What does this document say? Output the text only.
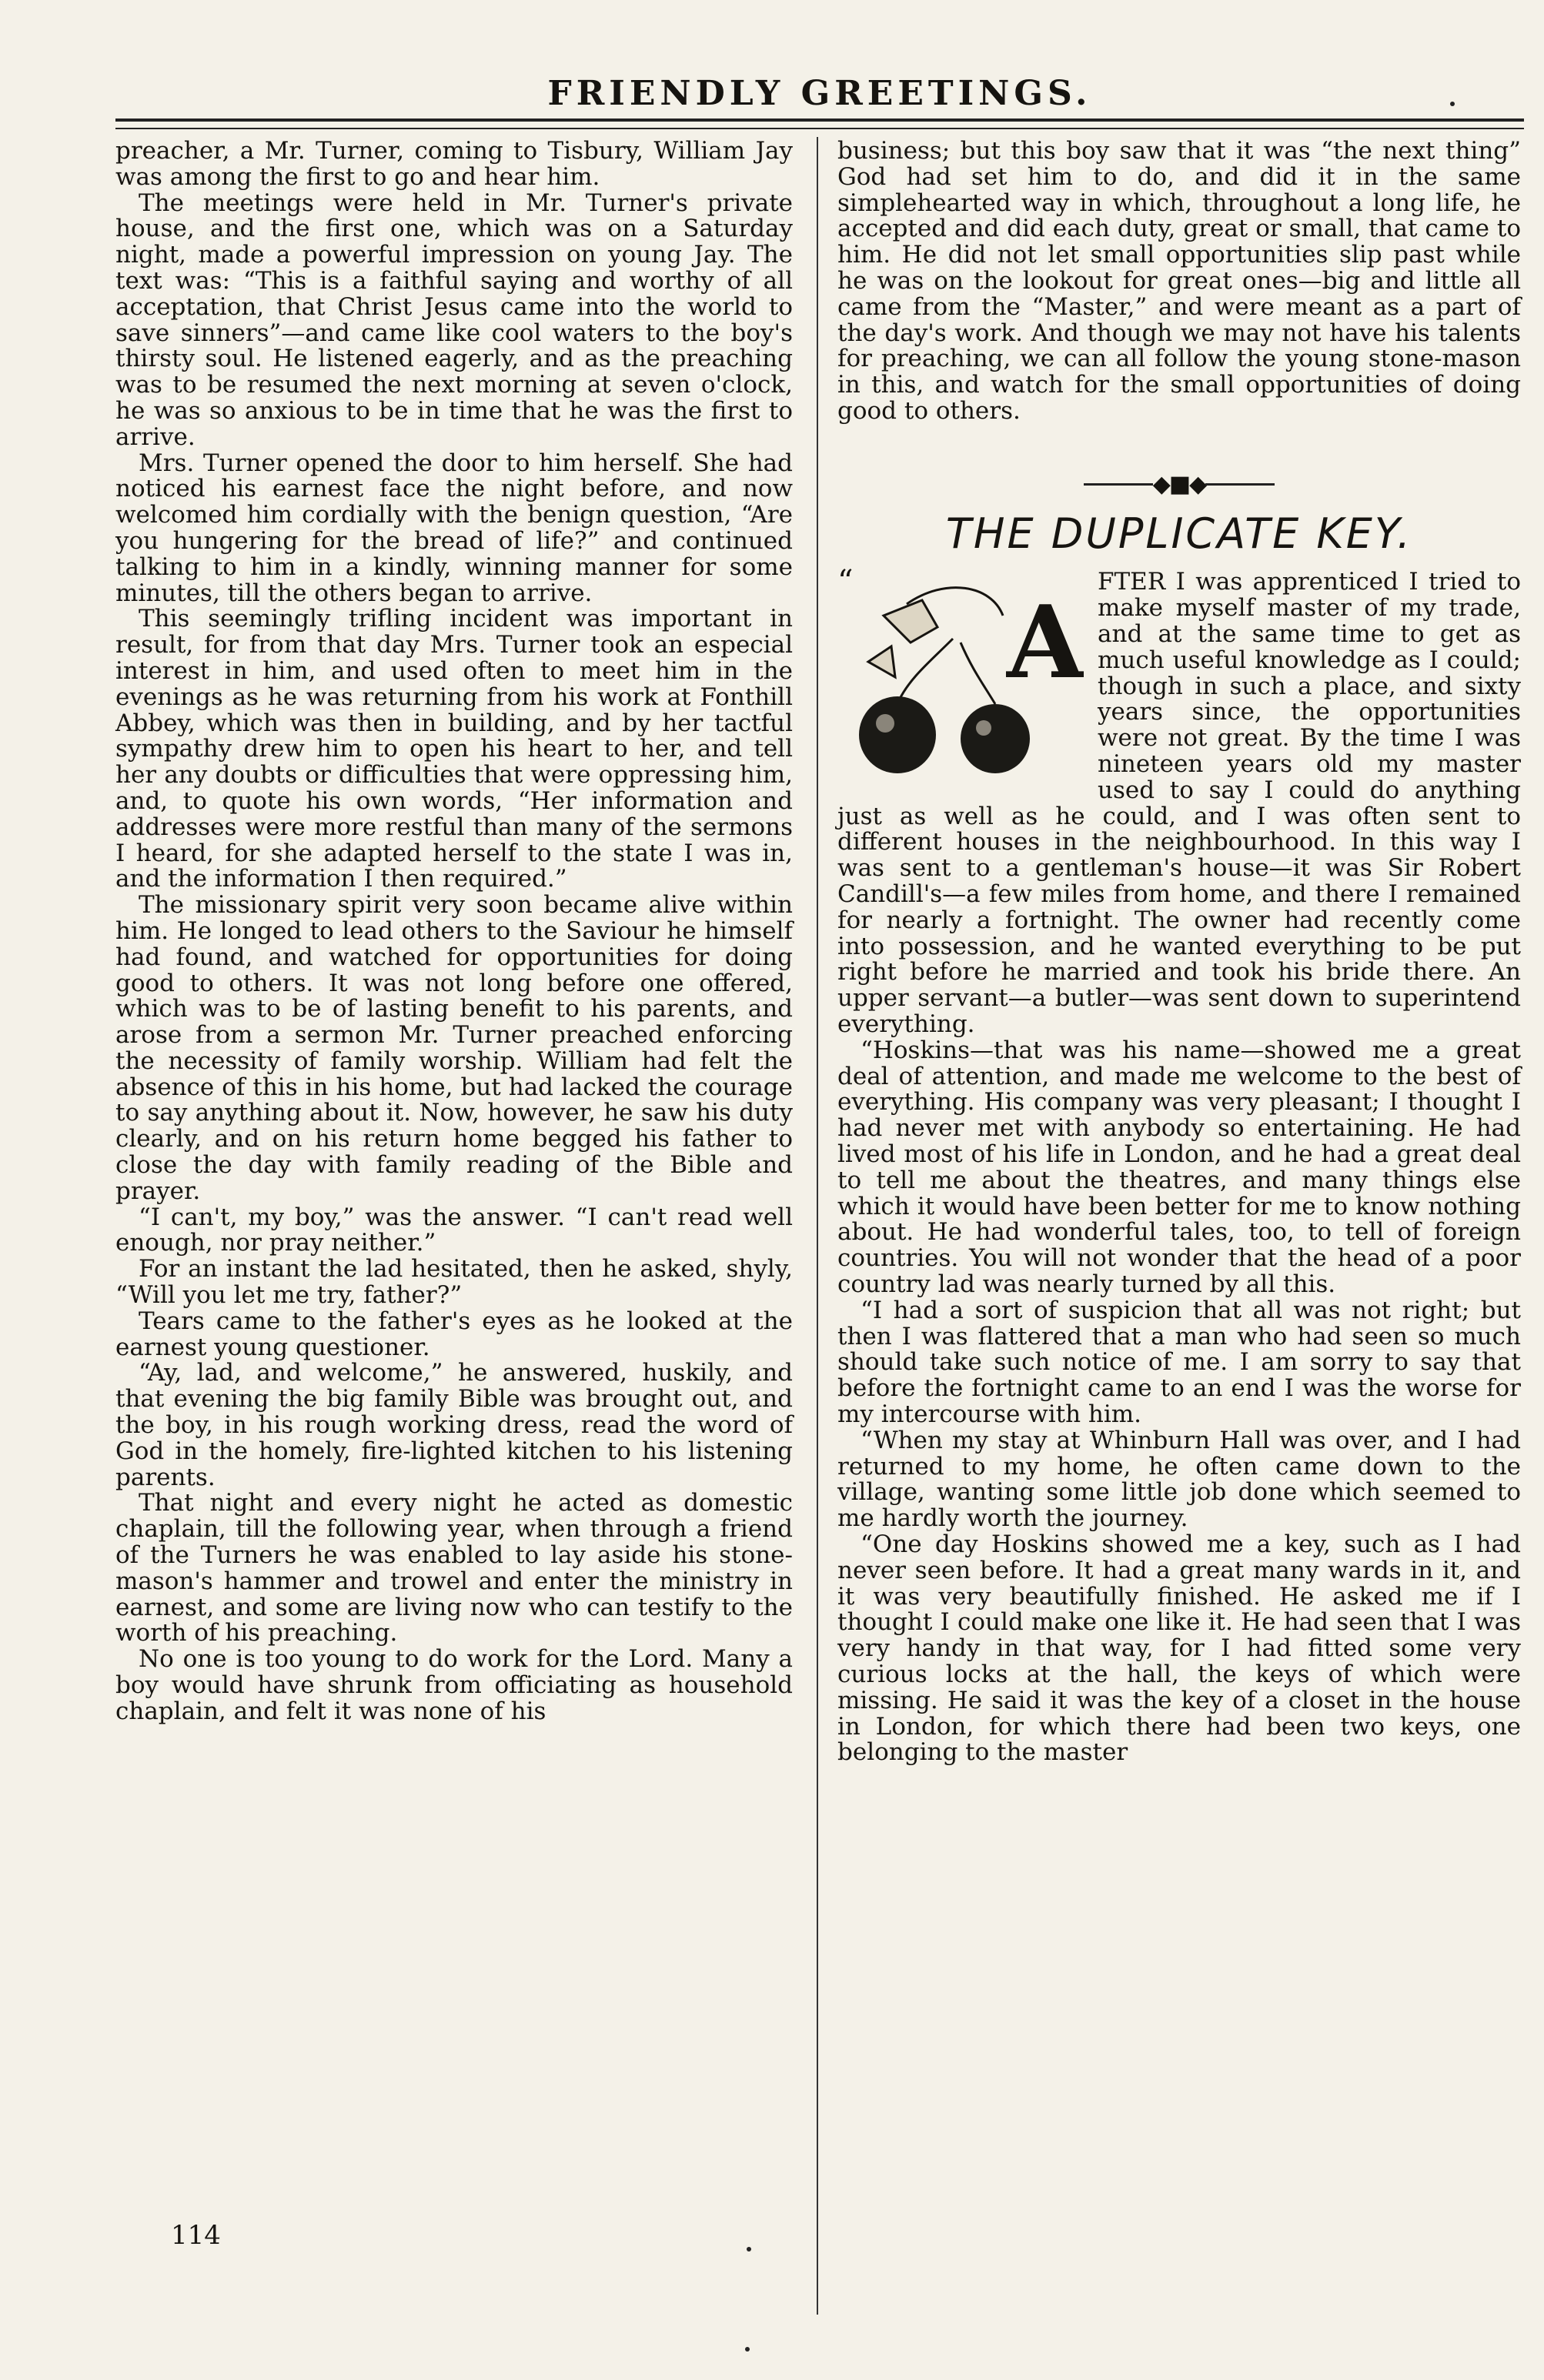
FRIENDLY GREETINGS.

preacher, a Mr. Turner, coming to Tisbury, William Jay was among the first to go and hear him.

The meetings were held in Mr. Turner's private house, and the first one, which was on a Saturday night, made a powerful impression on young Jay. The text was: “This is a faithful saying and worthy of all acceptation, that Christ Jesus came into the world to save sinners”—and came like cool waters to the boy's thirsty soul. He listened eagerly, and as the preaching was to be resumed the next morning at seven o'clock, he was so anxious to be in time that he was the first to arrive.

Mrs. Turner opened the door to him herself. She had noticed his earnest face the night before, and now welcomed him cordially with the benign question, “Are you hungering for the bread of life?” and continued talking to him in a kindly, winning manner for some minutes, till the others began to arrive.

This seemingly trifling incident was important in result, for from that day Mrs. Turner took an especial interest in him, and used often to meet him in the evenings as he was returning from his work at Fonthill Abbey, which was then in building, and by her tactful sympathy drew him to open his heart to her, and tell her any doubts or difficulties that were oppressing him, and, to quote his own words, “Her information and addresses were more restful than many of the sermons I heard, for she adapted herself to the state I was in, and the information I then required.”

The missionary spirit very soon became alive within him. He longed to lead others to the Saviour he himself had found, and watched for opportunities for doing good to others. It was not long before one offered, which was to be of lasting benefit to his parents, and arose from a sermon Mr. Turner preached enforcing the necessity of family worship. William had felt the absence of this in his home, but had lacked the courage to say anything about it. Now, however, he saw his duty clearly, and on his return home begged his father to close the day with family reading of the Bible and prayer.

“I can't, my boy,” was the answer. “I can't read well enough, nor pray neither.”

For an instant the lad hesitated, then he asked, shyly, “Will you let me try, father?”

Tears came to the father's eyes as he looked at the earnest young questioner.

“Ay, lad, and welcome,” he answered, huskily, and that evening the big family Bible was brought out, and the boy, in his rough working dress, read the word of God in the homely, fire-lighted kitchen to his listening parents.

That night and every night he acted as domestic chaplain, till the following year, when through a friend of the Turners he was enabled to lay aside his stone-mason's hammer and trowel and enter the ministry in earnest, and some are living now who can testify to the worth of his preaching.

No one is too young to do work for the Lord. Many a boy would have shrunk from officiating as household chaplain, and felt it was none of his

business; but this boy saw that it was “the next thing” God had set him to do, and did it in the same simplehearted way in which, throughout a long life, he accepted and did each duty, great or small, that came to him. He did not let small opportunities slip past while he was on the lookout for great ones—big and little all came from the “Master,” and were meant as a part of the day's work. And though we may not have his talents for preaching, we can all follow the young stone-mason in this, and watch for the small opportunities of doing good to others.

◆■◆
THE DUPLICATE KEY.
“
A

FTER I was apprenticed I tried to make myself master of my trade, and at the same time to get as much useful knowledge as I could; though in such a place, and sixty years since, the opportunities were not great. By the time I was nineteen years old my master used to say I could do anything just as well as he could, and I was often sent to different houses in the neighbourhood. In this way I was sent to a gentleman's house—it was Sir Robert Candill's—a few miles from home, and there I remained for nearly a fortnight. The owner had recently come into possession, and he wanted everything to be put right before he married and took his bride there. An upper servant—a butler—was sent down to superintend everything.

“Hoskins—that was his name—showed me a great deal of attention, and made me welcome to the best of everything. His company was very pleasant; I thought I had never met with anybody so entertaining. He had lived most of his life in London, and he had a great deal to tell me about the theatres, and many things else which it would have been better for me to know nothing about. He had wonderful tales, too, to tell of foreign countries. You will not wonder that the head of a poor country lad was nearly turned by all this.

“I had a sort of suspicion that all was not right; but then I was flattered that a man who had seen so much should take such notice of me. I am sorry to say that before the fortnight came to an end I was the worse for my intercourse with him.

“When my stay at Whinburn Hall was over, and I had returned to my home, he often came down to the village, wanting some little job done which seemed to me hardly worth the journey.

“One day Hoskins showed me a key, such as I had never seen before. It had a great many wards in it, and it was very beautifully finished. He asked me if I thought I could make one like it. He had seen that I was very handy in that way, for I had fitted some very curious locks at the hall, the keys of which were missing. He said it was the key of a closet in the house in London, for which there had been two keys, one belonging to the master

114
